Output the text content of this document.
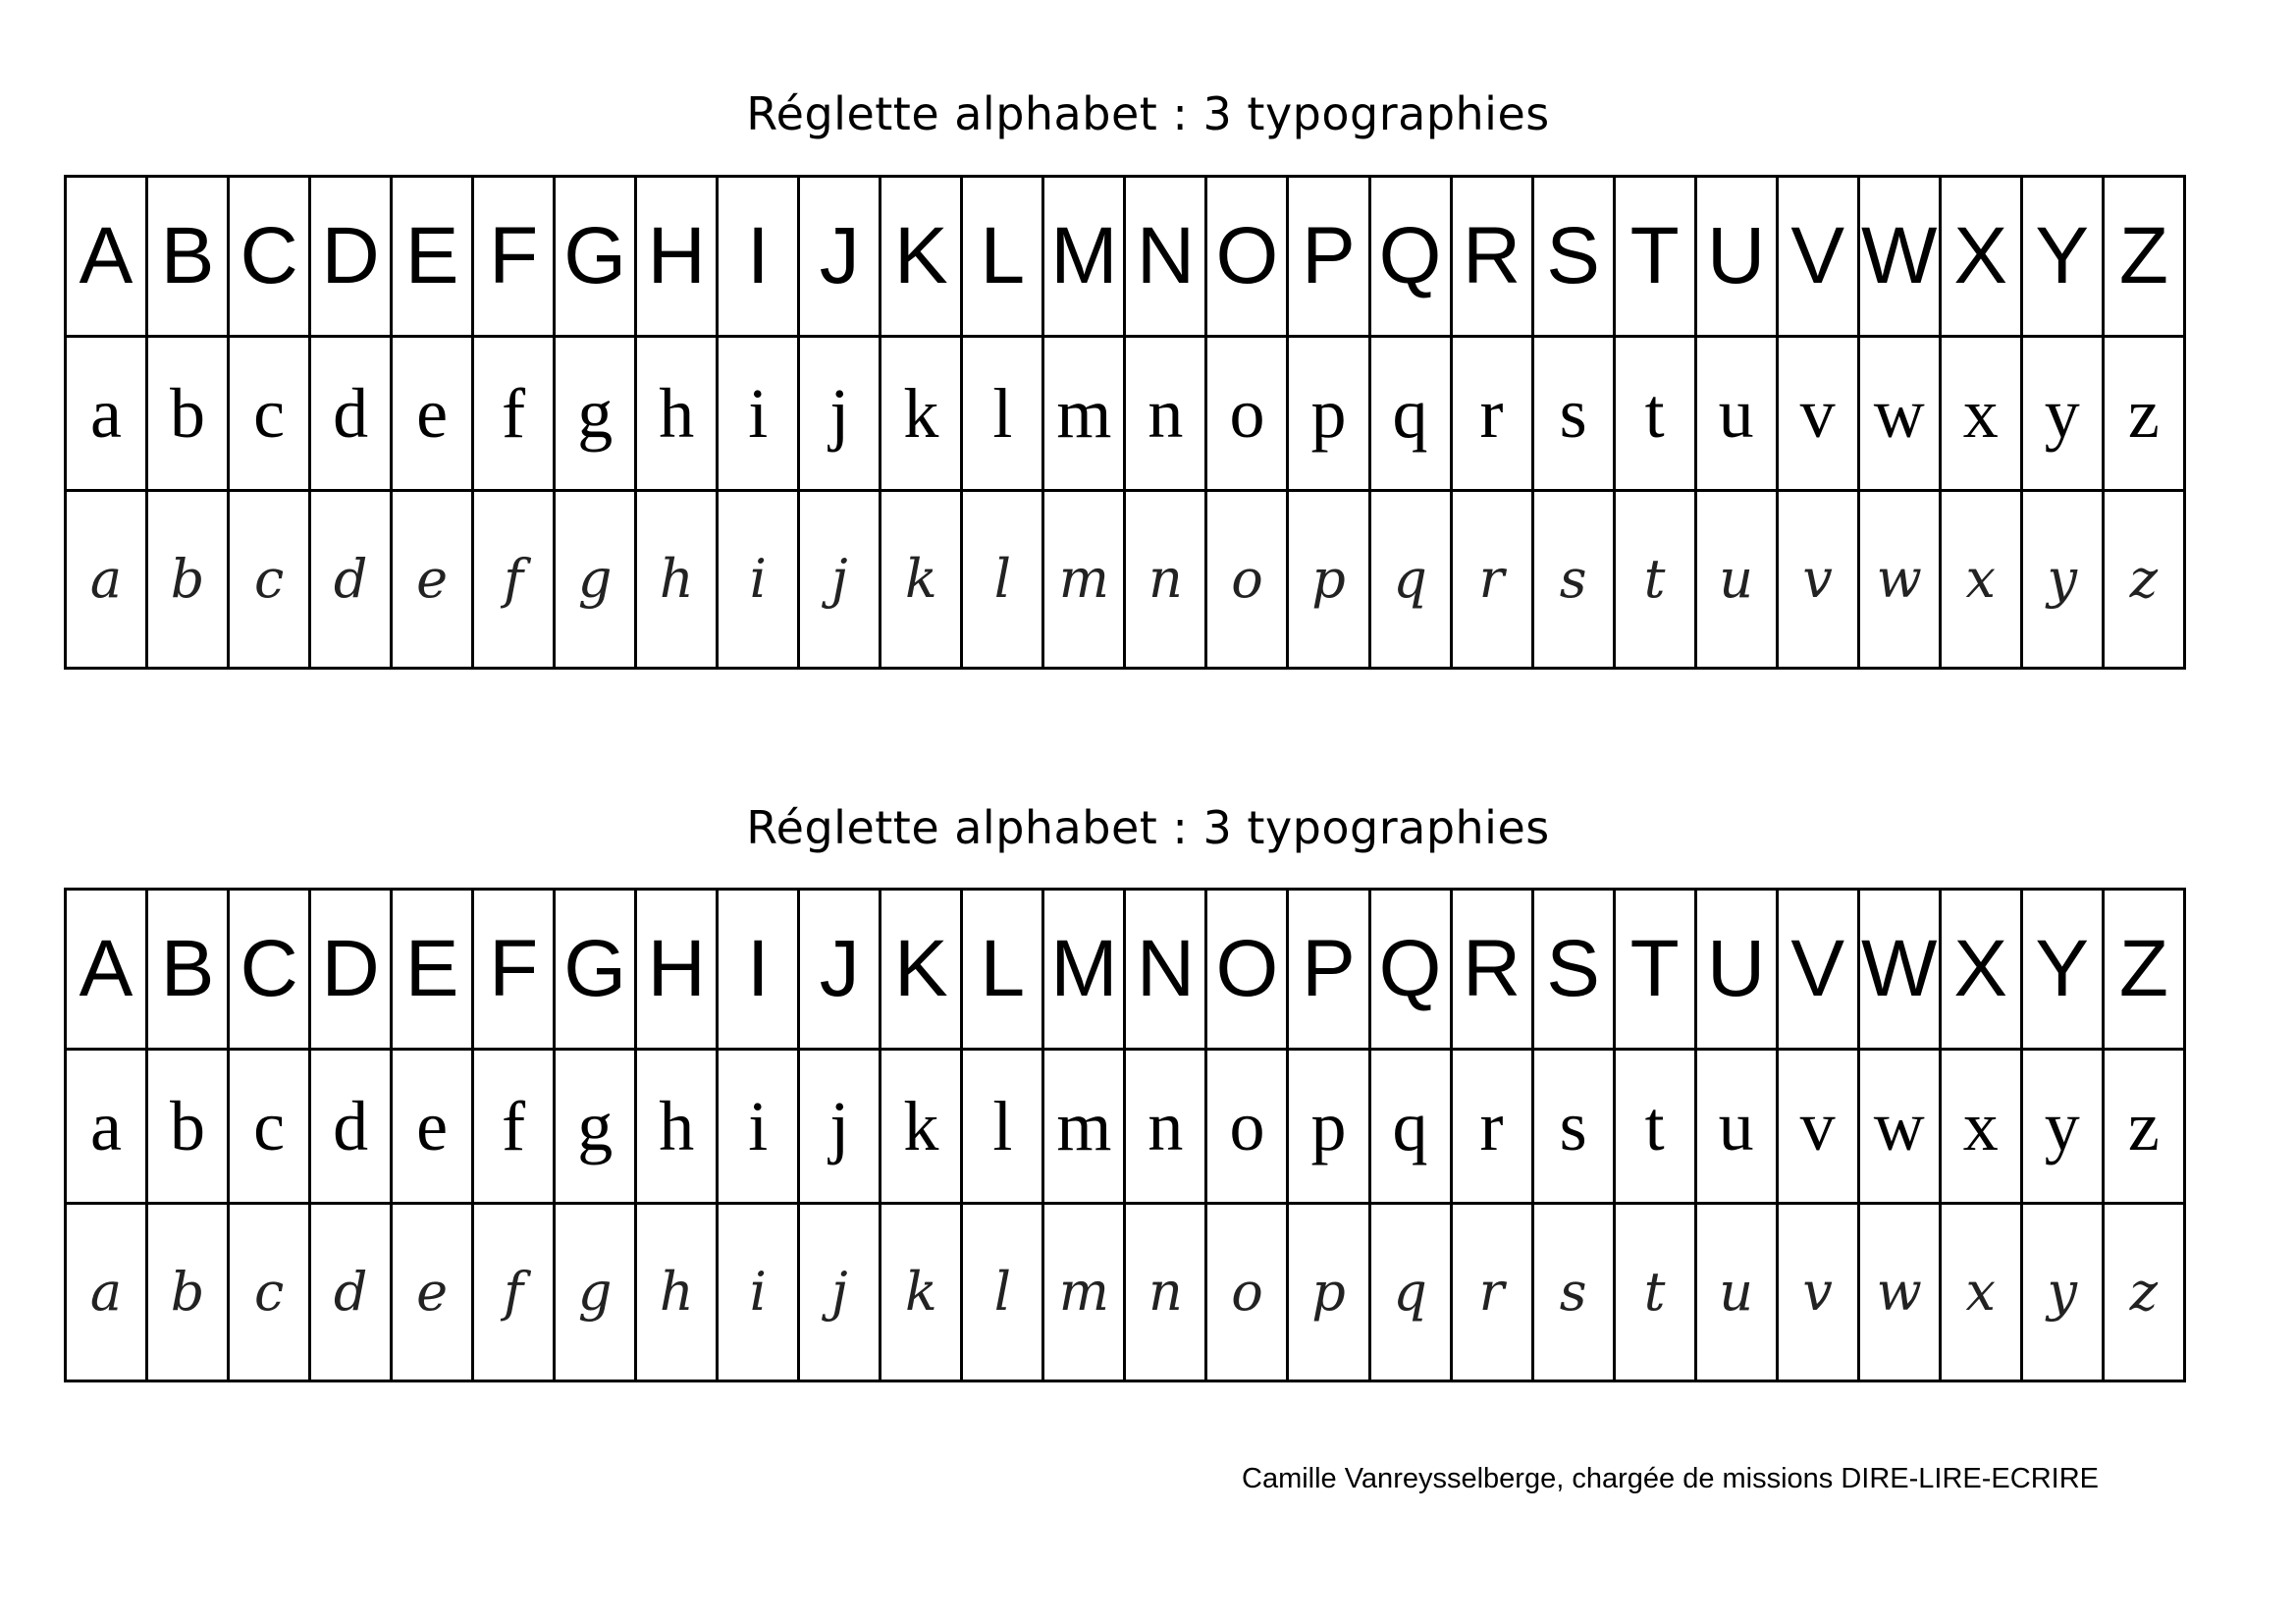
Réglette alphabet : 3 typographies
A	B	C	D	E	F	G	H	I	J	K	L	M	N	O	P	Q	R	S	T	U	V	W	X	Y	Z
a	b	c	d	e	f	g	h	i	j	k	l	m	n	o	p	q	r	s	t	u	v	w	x	y	z
a	b	c	d	e	f	g	h	i	j	k	l	m	n	o	p	q	r	s	t	u	v	w	x	y	z
Réglette alphabet : 3 typographies
A	B	C	D	E	F	G	H	I	J	K	L	M	N	O	P	Q	R	S	T	U	V	W	X	Y	Z
a	b	c	d	e	f	g	h	i	j	k	l	m	n	o	p	q	r	s	t	u	v	w	x	y	z
a	b	c	d	e	f	g	h	i	j	k	l	m	n	o	p	q	r	s	t	u	v	w	x	y	z
Camille Vanreysselberge, chargée de missions DIRE-LIRE-ECRIRE
